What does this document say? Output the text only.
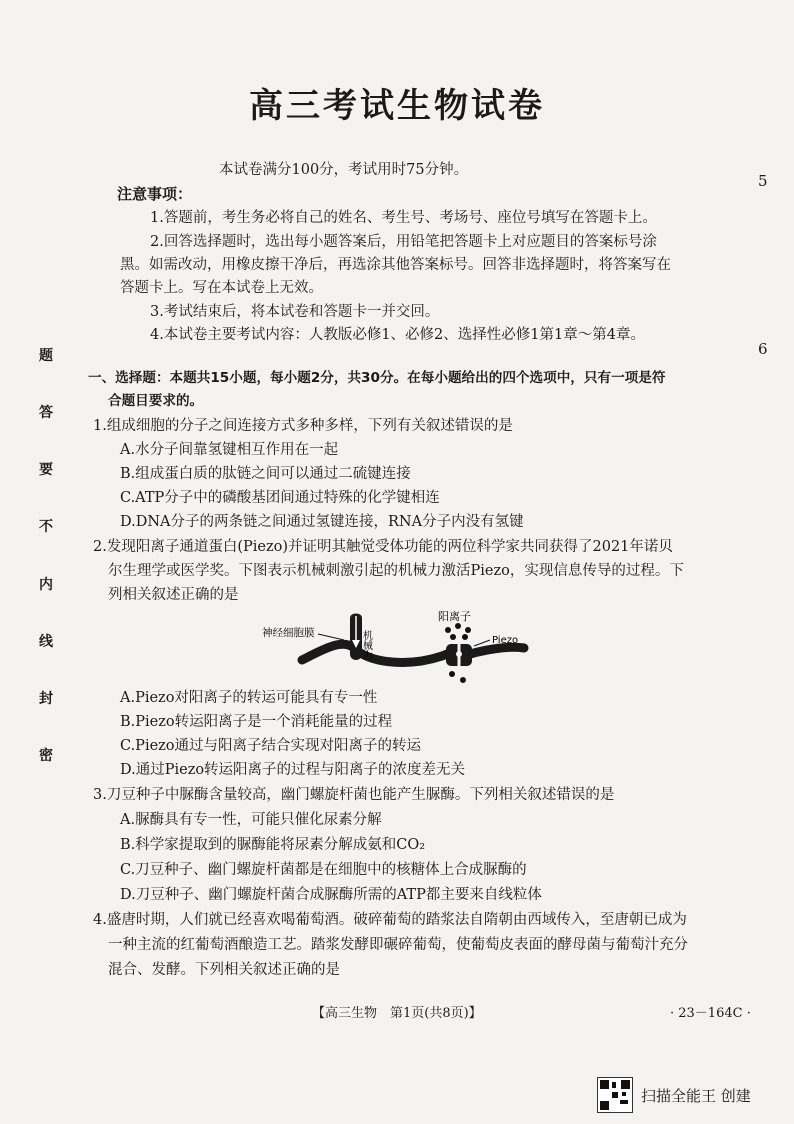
高三考试生物试卷
本试卷满分100分，考试用时75分钟。
注意事项：
1.答题前，考生务必将自己的姓名、考生号、考场号、座位号填写在答题卡上。
2.回答选择题时，选出每小题答案后，用铅笔把答题卡上对应题目的答案标号涂
黑。如需改动，用橡皮擦干净后，再选涂其他答案标号。回答非选择题时，将答案写在
答题卡上。写在本试卷上无效。
3.考试结束后，将本试卷和答题卡一并交回。
4.本试卷主要考试内容：人教版必修1、必修2、选择性必修1第1章～第4章。
题
答
要
不
内
线
封
密
5
6
一、选择题：本题共15小题，每小题2分，共30分。在每小题给出的四个选项中，只有一项是符
合题目要求的。
1.组成细胞的分子之间连接方式多种多样，下列有关叙述错误的是
A.水分子间靠氢键相互作用在一起
B.组成蛋白质的肽链之间可以通过二硫键连接
C.ATP分子中的磷酸基团间通过特殊的化学键相连
D.DNA分子的两条链之间通过氢键连接，RNA分子内没有氢键
2.发现阳离子通道蛋白(Piezo)并证明其触觉受体功能的两位科学家共同获得了2021年诺贝
尔生理学或医学奖。下图表示机械刺激引起的机械力激活Piezo，实现信息传导的过程。下
列相关叙述正确的是
神经细胞膜	机械力
阳离子
Piezo
A.Piezo对阳离子的转运可能具有专一性
B.Piezo转运阳离子是一个消耗能量的过程
C.Piezo通过与阳离子结合实现对阳离子的转运
D.通过Piezo转运阳离子的过程与阳离子的浓度差无关
3.刀豆种子中脲酶含量较高，幽门螺旋杆菌也能产生脲酶。下列相关叙述错误的是
A.脲酶具有专一性，可能只催化尿素分解
B.科学家提取到的脲酶能将尿素分解成氨和CO₂
C.刀豆种子、幽门螺旋杆菌都是在细胞中的核糖体上合成脲酶的
D.刀豆种子、幽门螺旋杆菌合成脲酶所需的ATP都主要来自线粒体
4.盛唐时期，人们就已经喜欢喝葡萄酒。破碎葡萄的踏浆法自隋朝由西域传入，至唐朝已成为
一种主流的红葡萄酒酿造工艺。踏浆发酵即碾碎葡萄，使葡萄皮表面的酵母菌与葡萄汁充分
混合、发酵。下列相关叙述正确的是
【高三生物　第1页(共8页)】	· 23－164C ·
扫描全能王 创建
